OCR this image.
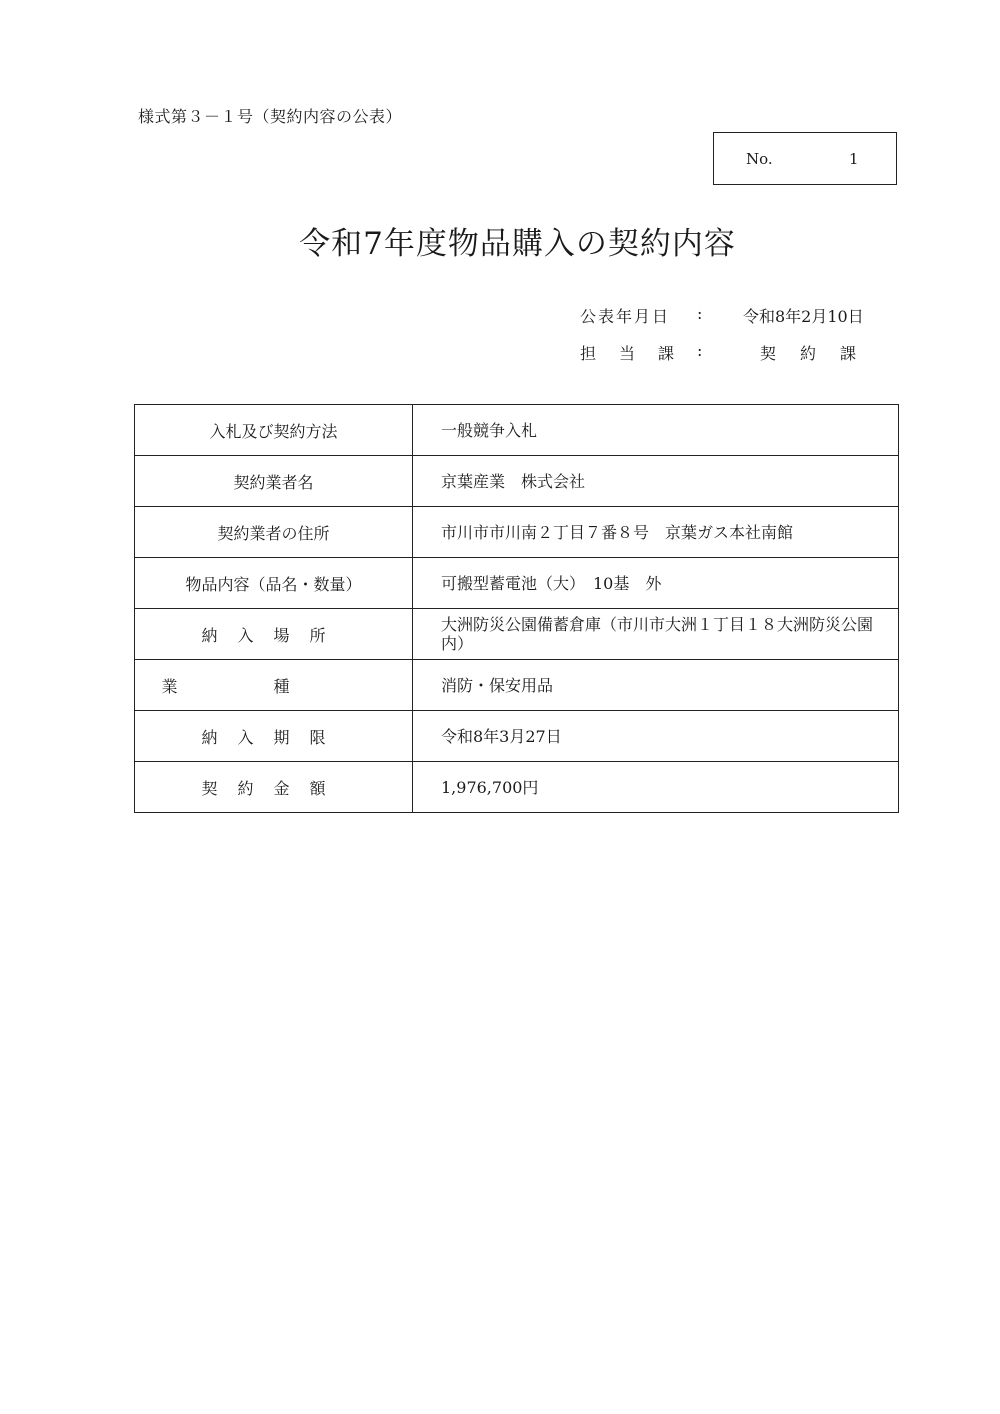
様式第３－１号（契約内容の公表）
No.	1
令和7年度物品購入の契約内容
公表年月日 :	令和8年2月10日
担当課 :	契約課
入札及び契約方法	一般競争入札
契約業者名	京葉産業　株式会社
契約業者の住所	市川市市川南２丁目７番８号　京葉ガス本社南館
物品内容（品名・数量）	可搬型蓄電池（大）　10基　外
納入場所	大洲防災公園備蓄倉庫（市川市大洲１丁目１８大洲防災公園内）
業種	消防・保安用品
納入期限	令和8年3月27日
契約金額	1,976,700円
